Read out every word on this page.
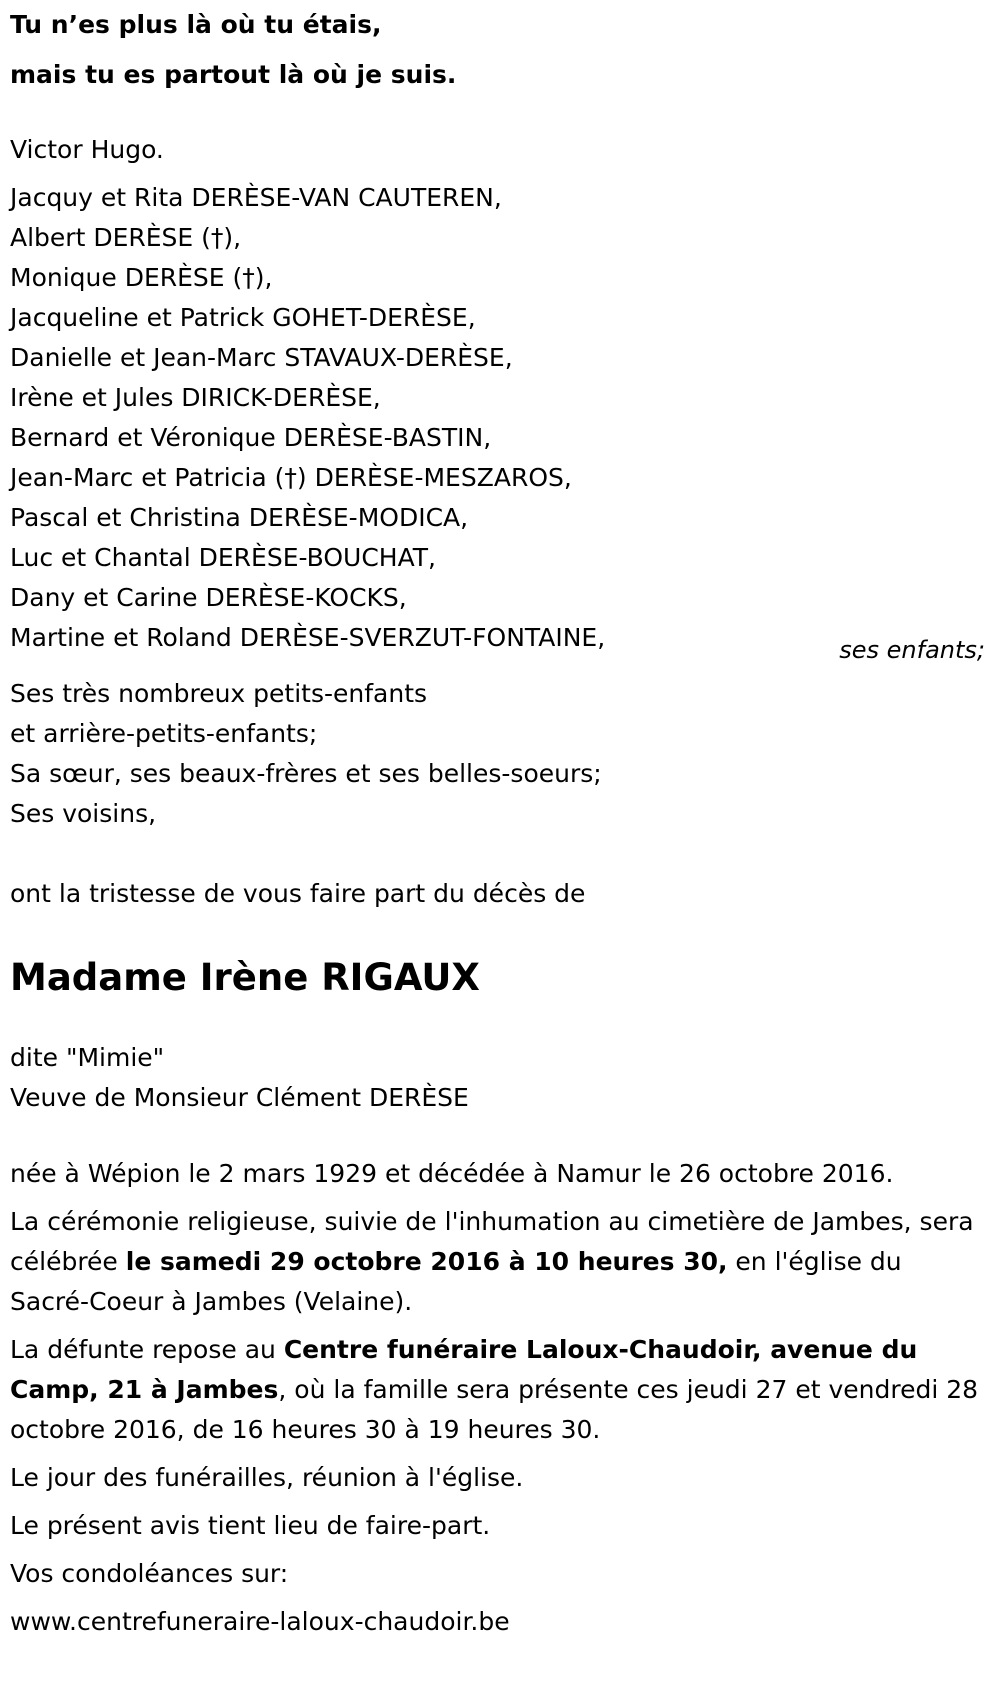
Tu n’es plus là où tu étais,
mais tu es partout là où je suis.
Victor Hugo.
Jacquy et Rita DERÈSE-VAN CAUTEREN,
Albert DERÈSE (†),
Monique DERÈSE (†),
Jacqueline et Patrick GOHET-DERÈSE,
Danielle et Jean-Marc STAVAUX-DERÈSE,
Irène et Jules DIRICK-DERÈSE,
Bernard et Véronique DERÈSE-BASTIN,
Jean-Marc et Patricia (†) DERÈSE-MESZAROS,
Pascal et Christina DERÈSE-MODICA,
Luc et Chantal DERÈSE-BOUCHAT,
Dany et Carine DERÈSE-KOCKS,
Martine et Roland DERÈSE-SVERZUT-FONTAINE,	ses enfants;
Ses très nombreux petits-enfants
et arrière-petits-enfants;
Sa sœur, ses beaux-frères et ses belles-soeurs;
Ses voisins,
ont la tristesse de vous faire part du décès de
Madame Irène RIGAUX
dite "Mimie"
Veuve de Monsieur Clément DERÈSE
née à Wépion le 2 mars 1929 et décédée à Namur le 26 octobre 2016.
La cérémonie religieuse, suivie de l'inhumation au cimetière de Jambes, sera célébrée le samedi 29 octobre 2016 à 10 heures 30, en l'église du Sacré-Coeur à Jambes (Velaine).
La défunte repose au Centre funéraire Laloux-Chaudoir, avenue du Camp, 21 à Jambes, où la famille sera présente ces jeudi 27 et vendredi 28 octobre 2016, de 16 heures 30 à 19 heures 30.
Le jour des funérailles, réunion à l'église.
Le présent avis tient lieu de faire-part.
Vos condoléances sur:
www.centrefuneraire-laloux-chaudoir.be
